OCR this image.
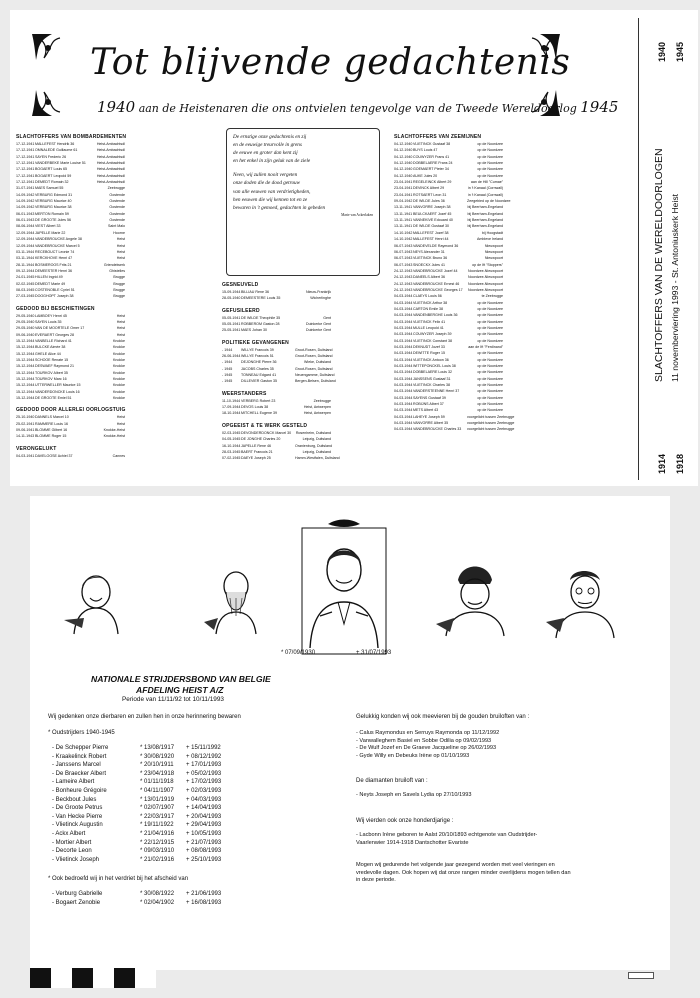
Tot blijvende gedachtenis
1940 aan de Heistenaren die ons ontvielen tengevolge van de Tweede Wereldoorlog 1945
SLACHTOFFERS VAN BOMBARDEMENTEN
17-12-1941MALLEFEST Hendrik 36	Heist-Ambachtsdl
17-12-1941OMNALEDE Guillaume 61	Heist-Ambachtsdl
17-12-1941SAYEN Frederic 26	Heist-Ambachtsdl
17-12-1941VANDERBEKE Marie Louise 51	Heist-Ambachtsdl
17-12-1941BOGAERT Louis 65	Heist-Ambachtsdl
17-12-1941BOGAERT Leopold 59	Heist-Ambachtsdl
17-12-1941DEMEDT Romain 32	Heist-Ambachtsdl
31-07-1941MAES Samuel 55	Zeebrugge
14-09-1942VERBURG Edmond 31	Oostende
14-09-1942VERBURG Maurice 40	Oostende
14-09-1942VERBURG Maurice 38	Oostende
06-01-1943MERTON Romain 59	Oostende
06-01-1943DE GROOTE Jules 56	Oostende
08-06-1944VIEST Albert 33	Saint Malo
12-09-1944JAPELLE Marie 22	Hoorne
12-09-1944VANDEBROUCKE Angele 38	Heist
12-09-1944VANDEBROUCKE Marcel 5	Heist
03-11-1944RECEBOUCT Leonie 74	Heist
03-11-1944KERCKHOVE Henri 47	Heist
28-11-1944BOSMEROOS Frits 21	Griendelwerk
09-12-1944DEMEESTER Henri 36	Ghistelles
24-01-1945HILLEN Ingrid 49	Brugge
02-02-1945DEMEDT Marie 49	Brugge
08-03-1945COSTENOBLE Cyriel 51	Brugge
27-03-1945DOOGHOPT Joseph 38	Brugge
GEDOOD BIJ BESCHIETINGEN
29-05-1940LAMBOEY Henri 45	Heist
29-05-1940SAYEN Louis 35	Heist
29-05-1940VAN DE MOORTELE Omer 17	Heist
09-06-1940EVERAERT Georges 28	Heist
15-12-1944VANBELLE Richard 41	Knokke
15-12-1944BULCKE Aimée 38	Knokke
15-12-1944GHELE Alice 44	Knokke
15-12-1944SCHOOE Renate 15	Knokke
15-12-1944DESWAEF Raymond 21	Knokke
15-12-1944TOURKOV Albert 35	Knokke
15-12-1944TOURKOV Marc 16	Knokke
15-12-1944UTTERWELLER Maurice 15	Knokke
15-12-1944VANDERDONCKE Louis 16	Knokke
15-12-1944DE GROOTE Emiel 51	Knokke
GEDOOD DOOR ALLERLEI OORLOGSTUIG
25-10-1940DANNELS Marcel 10	Heist
25-02-1941RAMMERE Louis 16	Heist
09-06-1941BLOMME Gilbert 16	Knokke-Heist
14-11-1943BLOMME Roger 15	Knokke-Heist
VERONGELUKT
04-03-1941DAVELOOSE Achiel 37	Cannes
GESNEUVELD
15-09-1944BILLIAU Rene 36	Nieuw-Frankrijk
28-05-1940DEMEESTERE Louis 35	Wicherlinghe
GEFUSILEERD
05-05-1941DE WILDE Theophile 35	Gent
05-05-1941ROBBEROM Gaston 28	Duinkerke Gent
25-05-1941MAES Johan 30	Duinkerke Gent
POLITIEKE GEVANGENEN
- 1944 WILLYE Francois 39	Groot-Rosen, Duitsland
26-06-1944WILLYE Francois 51	Groot-Rosen, Duitsland
- 1944 DEJONGHE Pierre 36	Wieke, Duitsland
- 1945 JACOBS Charles 35	Groot-Rosen, Duitsland
- 1945 TONNEAU Edgard 41	Neuengamme, Duitsland
- 1945 DILLEVIER Gaston 35	Bergen-Belsen, Duitsland
WEERSTANDERS
11-10-1944VERBERG Robert 23	Zeebrugge
17-09-1944DEVOS Louis 38	Heist, Antwerpen
18-10-1944MITCHELL Eugene 39	Heist, Antwerpen
OPGEEIST & TE WERK GESTELD
02-03-1945DEVONDERDONCK Marcel 30 Rosenheim, Duitsland
04-05-1945DE JONGHE Charles 20	Leipzig, Duitsland
16-10-1944JAPELLE Rene 46	Oranienburg, Duitsland
28-03-1945BAERT Francois 21	Leipzig, Duitsland
07-02-1945DAEYE Joseph 25	Hamm-Westfalen, Duitsland
SLACHTOFFERS VAN ZEEMIJNEN
04-12-1940VLIETINCK Gustaaf 38	op de Noordzee
04-12-1940BUYS Louis 47	op de Noordzee
04-12-1940COUWYZER Frans 41	op de Noordzee
04-12-1940DOBBELAERE Frans 24	op de Noordzee
04-12-1940GOEMAERT Pieter 34	op de Noordzee
04-12-1940AUKE Jules 20	op de Noordzee
23-04-1941REGELEINCK Albert 29	aan de Hill "Cumae"
23-04-1941DEVINCK Albert 29	in 't Kanaal (Cornwall)
23-04-1941ROTSAERT Leon 31	in 't Kanaal (Cornwall)
09-04-1942DE WILDE Jules 36	Zeegebied op de Noordzee
13-11-1941VANVORRE Joseph 38	bij Beerham-Engeland
13-11-1941BEULCKAERT Jozef 45	bij Beerham-Engeland
13-11-1941VANNEKIVE Edouard 40	bij Beerham-Engeland
13-11-1941DE WILDE Gustaaf 30	bij Beerham-Engeland
14-10-1942MALLEFEST Jozef 38	bij Hoogstadt
14-10-1942MALLEFEST Henri 44	Ambleve Ireland
06-07-1943VANDEVELDE Raymond 36	Nieuwpoort
06-07-1943NEYS Alexander 31	Nieuwpoort
06-07-1943VLIETINCK Bruno 36	Nieuwpoort
06-07-1943SNOECKX Jules 41	op de Ift "Stoppers"
24-12-1943VANDEBROUCKE Jozef 44	Noordzee-Nieuwpoort
24-12-1943DANEELS Albert 36	Noordzee-Nieuwpoort
24-12-1943VANDEBROUCKE Ernest 46 Noordzee-Nieuwpoort
24-12-1943VANDEBROUCKE Georges 17 Noordzee-Nieuwpoort
04-03-1944CLAEYS Louis 56	te Zeebrugge
04-03-1944VLIETINCK Arthur 38	op de Noordzee
04-03-1944CARTON Emile 38	op de Noordzee
04-03-1944VANDENBERGHE Louis 36	op de Noordzee
04-03-1944VLIETINCK Felix 41	op de Noordzee
04-03-1944MULLE Leopold 41	op de Noordzee
04-03-1944COUWYZER Joseph 39	op de Noordzee
04-03-1944VLIETINCK Constant 38	op de Noordzee
04-03-1944DEKNUDT Jozef 33	aan de Ift "Ferdinand"
04-03-1944DEWITTE Roger 15	op de Noordzee
04-03-1944VLIETINCK Antoon 36	op de Noordzee
04-03-1944WITTEPONCKEL Louis 38	op de Noordzee
04-03-1944DOBBELAERE Louis 32	op de Noordzee
04-03-1944JANSSENS Gustaaf 31	op de Noordzee
04-03-1944VLIETINCK Charles 38	op de Noordzee
04-03-1944VANDERSTEENNE Henri 37	op de Noordzee
04-03-1944SAYENS Gustaaf 39	op de Noordzee
04-03-1944ROBIJNS Albert 37	op de Noordzee
04-03-1944METS Albert 43	op de Noordzee
04-03-1944LAHEYE Joseph 59	voorgelicht tussen Zeebrugge
04-03-1944VANVORRE Albert 35	voorgelicht tussen Zeebrugge
04-03-1944VANDEBROUCKE Charles 33 voorgelicht tussen Zeebrugge
De ernstige onze gedachtenis en zij
en de eeuwige treurvolle in grens
de eeuwe en groter dan kent zij
en het enkel in zijn geluk van de ziele
Neen, wij zullen nooit vergeten
onze doden die de dood getrouw
van alle eeuwen van verdrietigheden,
hen eeuwen die wij kennen tot en ze
bewaren in 't gemoed, gedachten in gebeden
Marie van Ackerlaken
1940 1945
SLACHTOFFERS VAN DE WERELDOORLOGEN 11 novemberviering 1993 - St. Antoniuskerk Heist
1914 1918
* 07/09/1930	+ 31/07/1993
NATIONALE STRIJDERSBOND VAN BELGIE
AFDELING HEIST A/Z
Periode van 11/11/92 tot 10/11/1993
Wij gedenken onze dierbaren en zullen hen in onze herinnering bewaren
* Oudstrijders 1940-1945
- De Schepper Pierre	* 13/08/1917 + 15/11/1992
- Kraakelinck Robert	* 30/08/1920 + 08/12/1992
- Janssens Marcel	* 20/10/1911 + 17/01/1993
- De Braecker Albert	* 23/04/1918 + 05/02/1993
- Lameire Albert	* 01/11/1918 + 17/02/1993
- Bonheure Grégoire	* 04/11/1907 + 02/03/1993
- Beckbout Jules	* 13/01/1919 + 04/03/1993
- De Groote Petrus	* 02/07/1907 + 14/04/1993
- Van Hecke Pierre	* 22/03/1917 + 20/04/1993
- Vlietinck Augustin	* 19/11/1922 + 29/04/1993
- Ackx Albert	* 21/04/1916 + 10/05/1993
- Mortier Albert	* 22/12/1915 + 21/07/1993
- Decorte Leon	* 09/03/1910 + 08/08/1993
- Vlietinck Joseph	* 21/02/1916 + 25/10/1993
* Ook bedroefd wij in het verdriet bij het afscheid van
- Verburg Gabrielle	* 30/08/1922 + 21/06/1993
- Bogaert Zenobie	* 02/04/1902 + 16/08/1993
Gelukkig konden wij ook meevieren bij de gouden bruiloften van :
- Calus Raymondus en Serruys Raymonda op 11/12/1992
- Vanwalleghem Basiel en Sobbe Odilia op 09/02/1993
- De Wulf Jozef en De Graeve Jacqueline op 26/02/1993
- Gyde Willy en Debeuks Irène op 01/10/1993
De diamanten bruiloft van :
- Neyts Joseph en Savels Lydia op 27/10/1993
Wij vierden ook onze honderdjarige :
- Lacbonn Irène geboren te Aalst 20/10/1893 echtgenote van Oudstrijder-
Vaarlenwier 1914-1918 Dantschotter Evariste
Mogen wij gedurende het volgende jaar gezegend worden met veel vieringen en
vredevolle dagen. Ook hopen wij dat onze rangen minder overlijdens mogen tellen dan
in deze periode.
